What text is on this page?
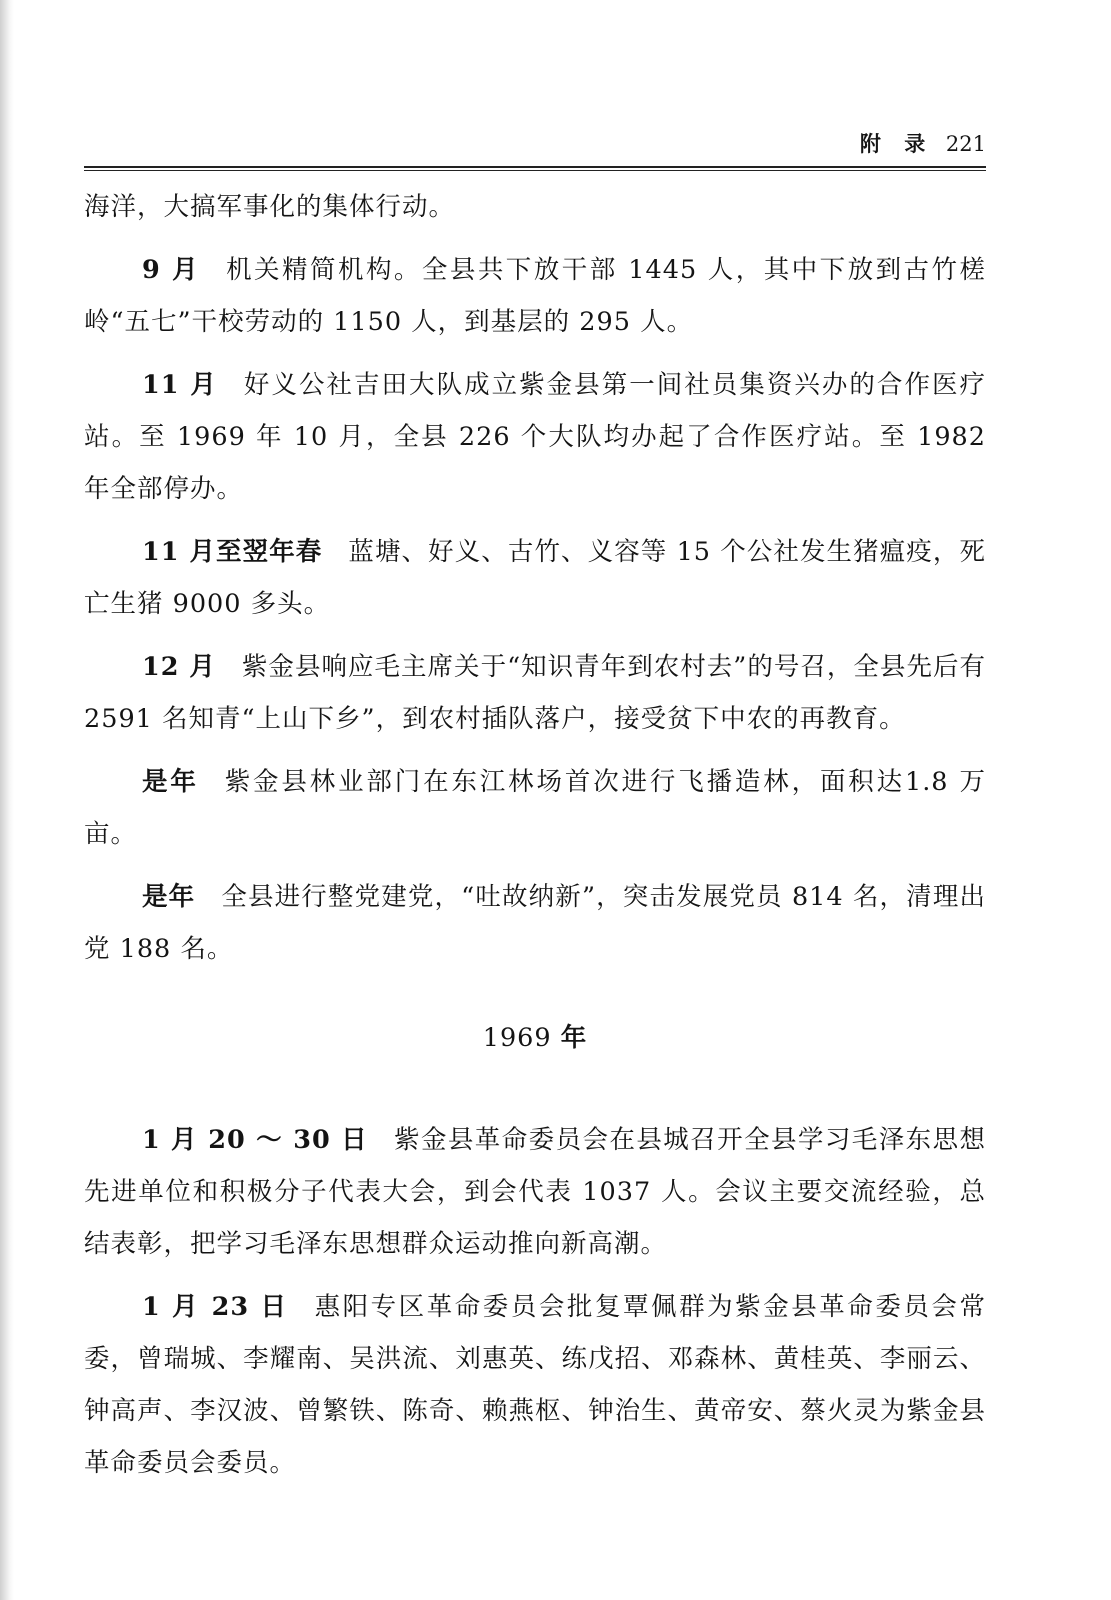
附 录 221

海洋，大搞军事化的集体行动。

9 月 机关精简机构。全县共下放干部 1445 人，其中下放到古竹槎岭“五七”干校劳动的 1150 人，到基层的 295 人。

11 月 好义公社吉田大队成立紫金县第一间社员集资兴办的合作医疗站。至 1969 年 10 月，全县 226 个大队均办起了合作医疗站。至 1982 年全部停办。

11 月至翌年春 蓝塘、好义、古竹、义容等 15 个公社发生猪瘟疫，死亡生猪 9000 多头。

12 月 紫金县响应毛主席关于“知识青年到农村去”的号召，全县先后有 2591 名知青“上山下乡”，到农村插队落户，接受贫下中农的再教育。

是年 紫金县林业部门在东江林场首次进行飞播造林，面积达1.8 万亩。

是年 全县进行整党建党，“吐故纳新”，突击发展党员 814 名，清理出党 188 名。

1969 年

1 月 20 ～ 30 日 紫金县革命委员会在县城召开全县学习毛泽东思想先进单位和积极分子代表大会，到会代表 1037 人。会议主要交流经验，总结表彰，把学习毛泽东思想群众运动推向新高潮。

1 月 23 日 惠阳专区革命委员会批复覃佩群为紫金县革命委员会常委，曾瑞城、李耀南、吴洪流、刘惠英、练戊招、邓森林、黄桂英、李丽云、钟高声、李汉波、曾繁铁、陈奇、赖燕枢、钟治生、黄帝安、蔡火灵为紫金县革命委员会委员。
